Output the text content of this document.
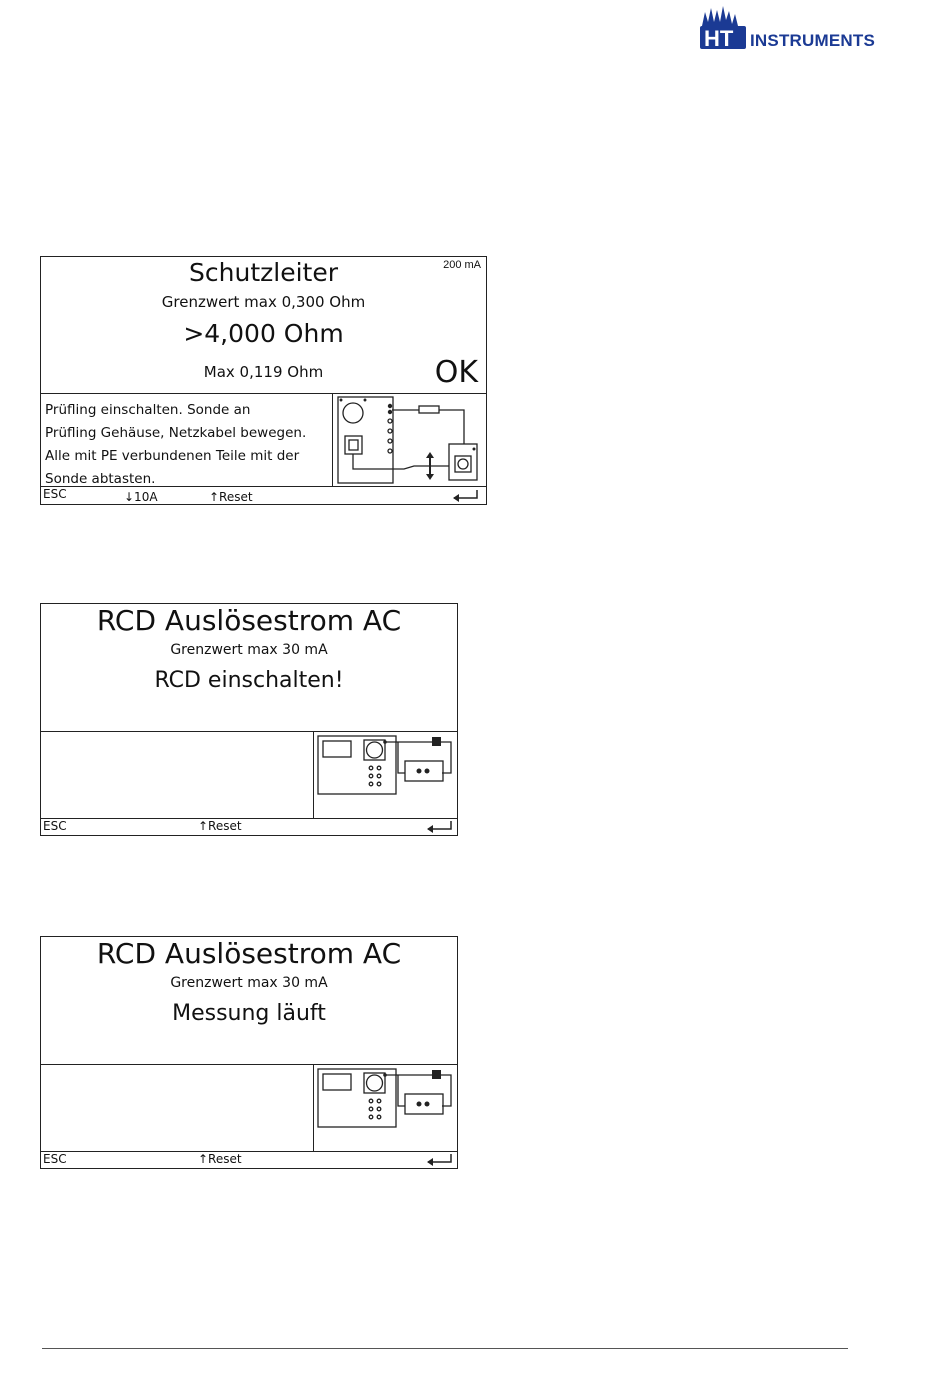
HT INSTRUMENTS
Schutzleiter	200 mA
Grenzwert max 0,300 Ohm
>4,000 Ohm
Max 0,119 Ohm	OK
Prüfling einschalten. Sonde an
Prüfling Gehäuse, Netzkabel bewegen.
Alle mit PE verbundenen Teile mit der
Sonde abtasten.
ESC	↓10A	↑Reset
RCD Auslösestrom AC
Grenzwert max 30 mA
RCD einschalten!
ESC	↑Reset
RCD Auslösestrom AC
Grenzwert max 30 mA
Messung läuft
ESC	↑Reset
